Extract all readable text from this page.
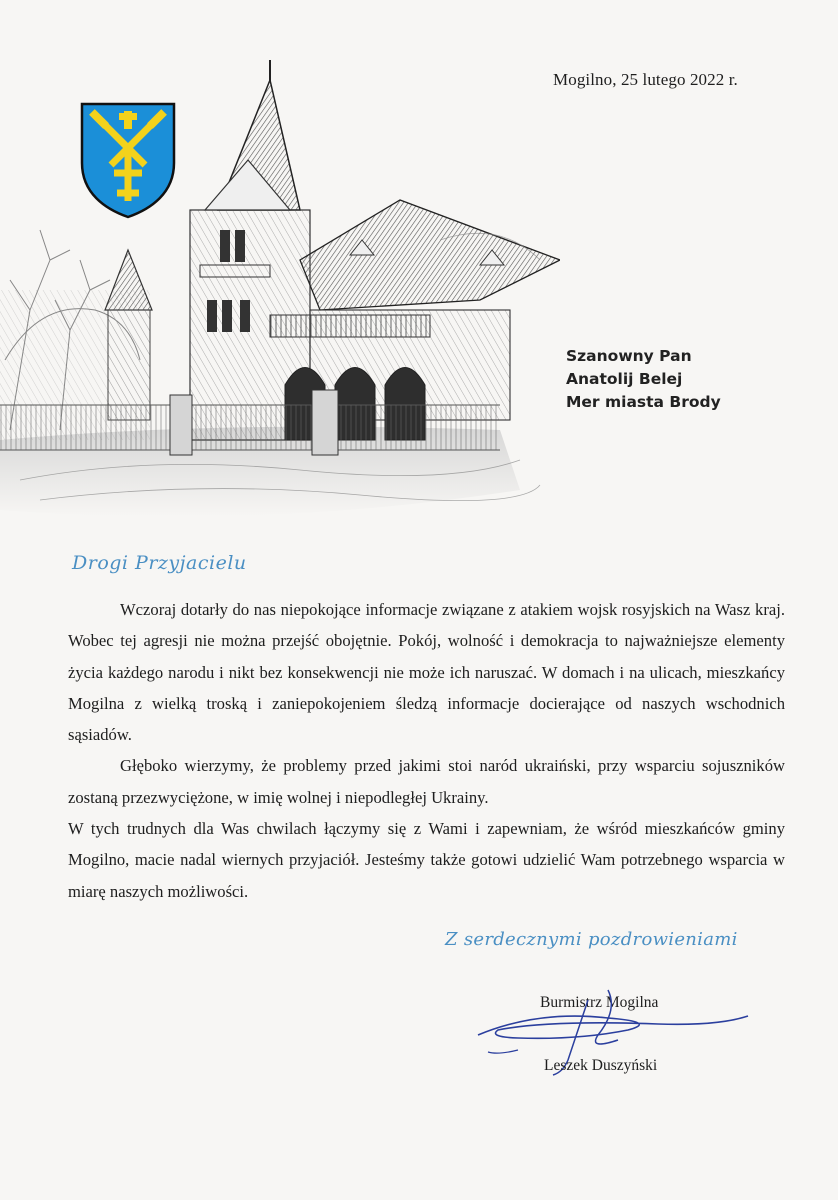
Mogilno, 25 lutego 2022 r.
Szanowny Pan
Anatolij Belej
Mer miasta Brody
Drogi Przyjacielu

Wczoraj dotarły do nas niepokojące informacje związane z atakiem wojsk rosyjskich na Wasz kraj. Wobec tej agresji nie można przejść obojętnie. Pokój, wolność i demokracja to najważniejsze elementy życia każdego narodu i nikt bez konsekwencji nie może ich naruszać. W domach i na ulicach, mieszkańcy Mogilna z wielką troską i zaniepokojeniem śledzą informacje docierające od naszych wschodnich sąsiadów.

Głęboko wierzymy, że problemy przed jakimi stoi naród ukraiński, przy wsparciu sojuszników zostaną przezwyciężone, w imię wolnej i niepodległej Ukrainy.

W tych trudnych dla Was chwilach łączymy się z Wami i zapewniam, że wśród mieszkańców gminy Mogilno, macie nadal wiernych przyjaciół. Jesteśmy także gotowi udzielić Wam potrzebnego wsparcia w miarę naszych możliwości.

Z serdecznymi pozdrowieniami
Burmistrz Mogilna
Leszek Duszyński
